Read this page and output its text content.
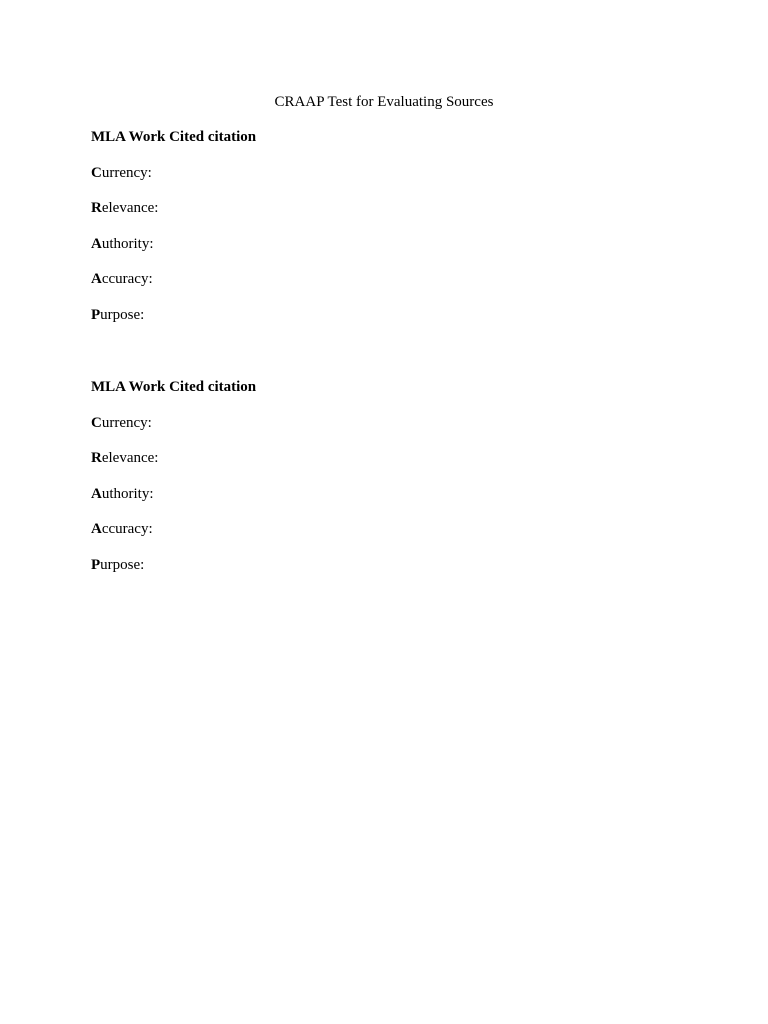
CRAAP Test for Evaluating Sources

MLA Work Cited citation

Currency:
Relevance:
Authority:
Accuracy:
Purpose:

MLA Work Cited citation

Currency:
Relevance:
Authority:
Accuracy:
Purpose:
